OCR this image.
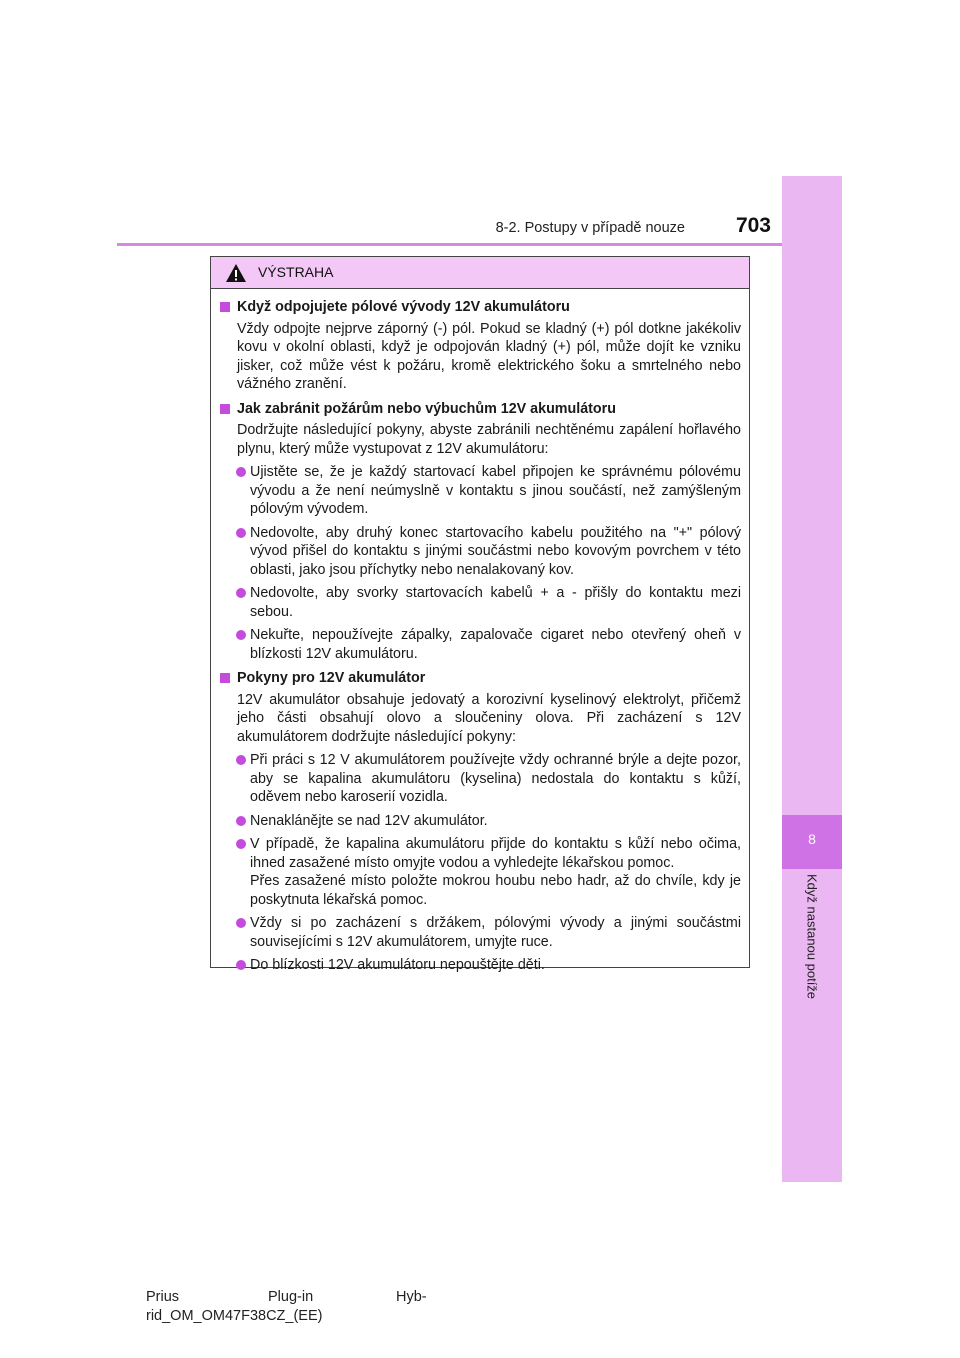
8-2. Postupy v případě nouze 703
8
Když nastanou potíže
VÝSTRAHA
Když odpojujete pólové vývody 12V akumulátoru
Vždy odpojte nejprve záporný (-) pól. Pokud se kladný (+) pól dotkne jakékoliv kovu v okolní oblasti, když je odpojován kladný (+) pól, může dojít ke vzniku jisker, což může vést k požáru, kromě elektrického šoku a smrtelného nebo vážného zranění.
Jak zabránit požárům nebo výbuchům 12V akumulátoru
Dodržujte následující pokyny, abyste zabránili nechtěnému zapálení hořlavého plynu, který může vystupovat z 12V akumulátoru:
Ujistěte se, že je každý startovací kabel připojen ke správnému pólovému vývodu a že není neúmyslně v kontaktu s jinou součástí, než zamýšleným pólovým vývodem.
Nedovolte, aby druhý konec startovacího kabelu použitého na "+" pólový vývod přišel do kontaktu s jinými součástmi nebo kovovým povrchem v této oblasti, jako jsou příchytky nebo nenalakovaný kov.
Nedovolte, aby svorky startovacích kabelů + a - přišly do kontaktu mezi sebou.
Nekuřte, nepoužívejte zápalky, zapalovače cigaret nebo otevřený oheň v blízkosti 12V akumulátoru.
Pokyny pro 12V akumulátor
12V akumulátor obsahuje jedovatý a korozivní kyselinový elektrolyt, přičemž jeho části obsahují olovo a sloučeniny olova. Při zacházení s 12V akumulátorem dodržujte následující pokyny:
Při práci s 12 V akumulátorem používejte vždy ochranné brýle a dejte pozor, aby se kapalina akumulátoru (kyselina) nedostala do kontaktu s kůží, oděvem nebo karoserií vozidla.
Nenaklánějte se nad 12V akumulátor.
V případě, že kapalina akumulátoru přijde do kontaktu s kůží nebo očima, ihned zasažené místo omyjte vodou a vyhledejte lékařskou pomoc.
Přes zasažené místo položte mokrou houbu nebo hadr, až do chvíle, kdy je poskytnuta lékařská pomoc.
Vždy si po zacházení s držákem, pólovými vývody a jinými součástmi souvisejícími s 12V akumulátorem, umyjte ruce.
Do blízkosti 12V akumulátoru nepouštějte děti.
Prius	Plug-in	Hyb-
rid_OM_OM47F38CZ_(EE)
